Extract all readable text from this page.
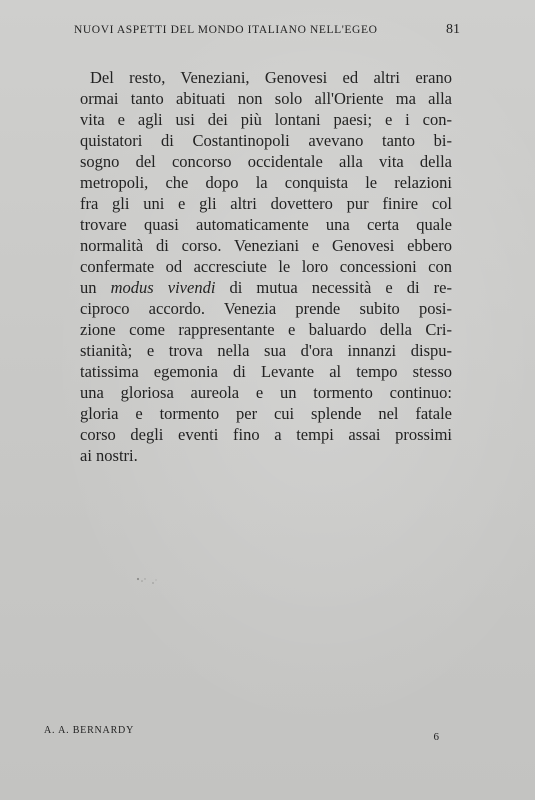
NUOVI ASPETTI DEL MONDO ITALIANO NELL'EGEO	81
Del resto, Veneziani, Genovesi ed altri erano
ormai tanto abituati non solo all'Oriente ma alla
vita e agli usi dei più lontani paesi; e i con-
quistatori di Costantinopoli avevano tanto bi-
sogno del concorso occidentale alla vita della
metropoli, che dopo la conquista le relazioni
fra gli uni e gli altri dovettero pur finire col
trovare quasi automaticamente una certa quale
normalità di corso. Veneziani e Genovesi ebbero
confermate od accresciute le loro concessioni con
un modus vivendi di mutua necessità e di re-
ciproco accordo. Venezia prende subito posi-
zione come rappresentante e baluardo della Cri-
stianità; e trova nella sua d'ora innanzi dispu-
tatissima egemonia di Levante al tempo stesso
una gloriosa aureola e un tormento continuo:
gloria e tormento per cui splende nel fatale
corso degli eventi fino a tempi assai prossimi
ai nostri.
A. A. BERNARDY
6
